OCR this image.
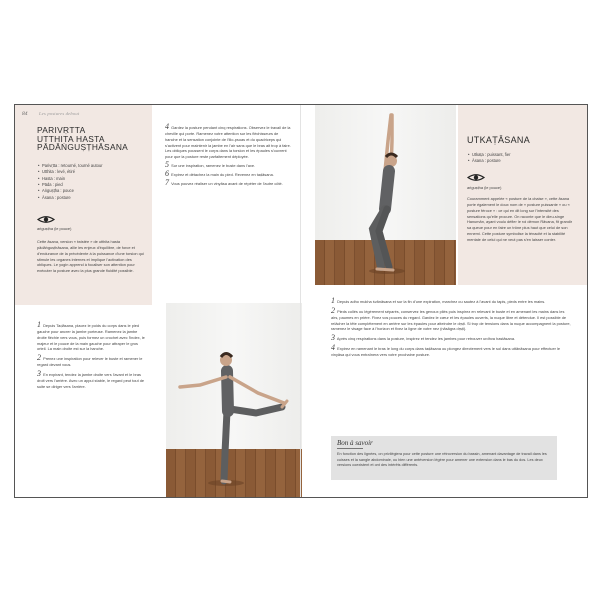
84	Les postures debout
PARIVṚTTA
UTTHITA HASTA
PĀDĀṄGUṢṬHĀSANA
• Parivṛtta : retourné, tourné autour
• Utthita : levé, étiré
• Hasta : main
• Pāda : pied
• Aṅguṣṭha : pouce
• Āsana : posture
aṅguṣṭha (le pouce)

Cette āsana, version « twistée » de utthita hasta pādāṅguṣṭhāsana, allie les enjeux d'équilibre, de force et d'endurance de la précédente à la puissance d'une torsion qui stimule les organes internes et implique l'activation des obliques. Le yogin apprend à focaliser son attention pour exécuter la posture avec la plus grande fluidité possible.

4 Gardez la posture pendant cinq respirations. Observez le travail de la cheville qui porte. Ramenez votre attention sur les fléchisseurs de hanche et la sensation conjointe de l'ilio-psoas et du quadriceps qui s'activent pour maintenir la jambe en l'air sans que le bras ait trop à faire. Les obliques poussent le corps dans la torsion et les épaules s'ouvrent pour que la posture reste parfaitement déployée.

5 Sur une inspiration, ramenez le buste dans l'axe.

6 Expirez et détachez la main du pied. Revenez en taḍāsana.

7 Vous pouvez réaliser un vinyāsa avant de répéter de l'autre côté.

1 Depuis Taḍāsana, placez le poids du corps dans le pied gauche pour ancrer la jambe porteuse. Ramenez la jambe droite fléchie vers vous, puis formez un crochet avec l'index, le majeur et le pouce de la main gauche pour attraper le gros orteil. La main droite est sur la hanche.

2 Prenez une inspiration pour relever le buste et ramener le regard devant vous.

3 En expirant, tendez la jambe droite vers l'avant et le bras droit vers l'arrière. Avec un appui stable, le regard peut tout de suite se diriger vers l'arrière.

UTKAṬĀSANA
• Utkaṭa : puissant, fier
• Āsana : posture
aṅguṣṭha (le pouce)

Couramment appelée « posture de la chaise », cette āsana porte également le doux nom de « posture puissante » ou « posture féroce » : ce qui en dit long sur l'intensité des sensations qu'elle procure. On raconte que le dieu-singe Hanumān, ayant voulu défier le roi démon Rāvana, fit grandir sa queue pour en faire un trône plus haut que celui de son ennemi. Cette posture symbolise la ténacité et la stabilité mentale de celui qui ne veut pas s'en laisser conter.

1 Depuis adho mukha śvānāsana et sur la fin d'une expiration, marchez ou sautez à l'avant du tapis, pieds entre les mains.

2 Pieds collés ou légèrement séparés, conservez les genoux pliés puis inspirez en relevant le buste et en amenant les mains dans les airs, paumes en prière. Fixez vos pouces du regard. Gardez le cœur et les épaules ouverts, la nuque libre et détendue. Il est possible de relâcher la tête complètement en arrière sur les épaules pour atteindre le dṛṣṭi. Si trop de tensions dans la nuque accompagnent la posture, ramenez le visage face à l'horizon et fixez la ligne de votre nez (nāsāgra dṛṣṭi).

3 Après cinq respirations dans la posture, inspirez et tendez les jambes pour retrouver urdhva hastāsana.

4 Expirez en ramenant le bras le long du corps dans taḍāsana ou plongez directement vers le sol dans uttānāsana pour effectuer le vinyāsa qui vous entraînera vers votre prochaine posture.

Bon à savoir

En fonction des lignées, on privilégiera pour cette posture une rétroversion du bassin, amenant davantage de travail dans les cuisses et la sangle abdominale, ou bien une antéversion légère pour amener une extension dans le bas du dos. Les deux versions coexistent et ont des intérêts différents.
